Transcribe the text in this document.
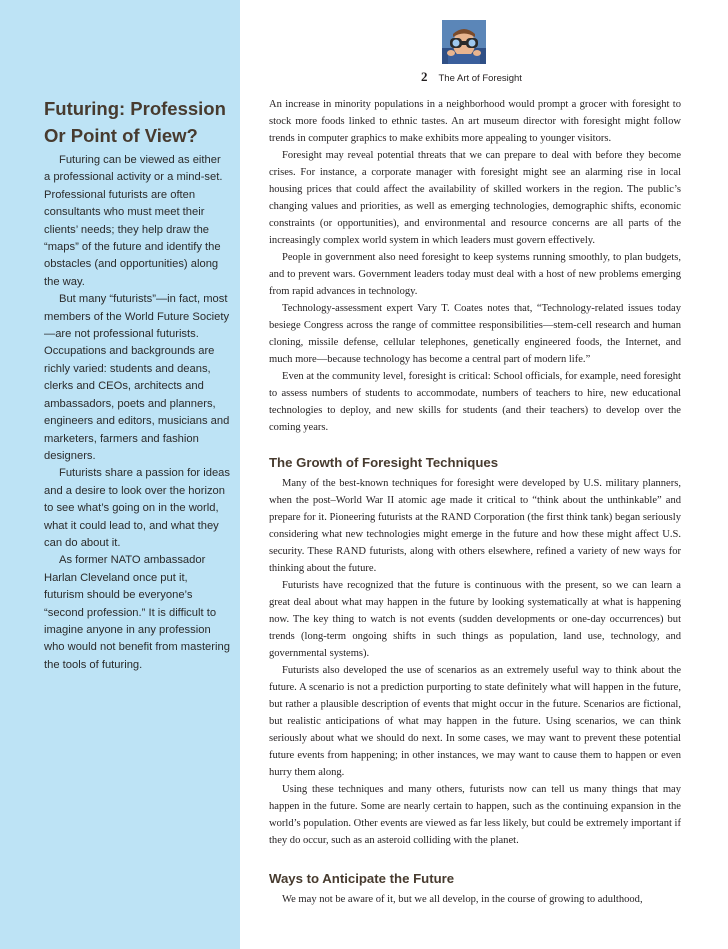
Futuring: Profession
Or Point of View?

Futuring can be viewed as either a professional activity or a mind-set. Professional futurists are often consultants who must meet their clients’ needs; they help draw the “maps” of the future and identify the obstacles (and opportunities) along the way.

But many “futurists”—in fact, most members of the World Future Society —are not professional futurists. Occupations and backgrounds are richly varied: students and deans, clerks and CEOs, architects and ambassadors, poets and planners, engineers and editors, musicians and marketers, farmers and fashion designers.

Futurists share a passion for ideas and a desire to look over the horizon to see what’s going on in the world, what it could lead to, and what they can do about it.

As former NATO ambassador Harlan Cleveland once put it, futurism should be everyone’s “second profession.” It is difficult to imagine anyone in any profession who would not benefit from mastering the tools of futuring.

2 The Art of Foresight

An increase in minority populations in a neighborhood would prompt a grocer with foresight to stock more foods linked to ethnic tastes. An art museum director with foresight might follow trends in computer graphics to make exhibits more appealing to younger visitors.

Foresight may reveal potential threats that we can prepare to deal with before they become crises. For instance, a corporate manager with foresight might see an alarming rise in local housing prices that could affect the availability of skilled workers in the region. The public’s changing values and priorities, as well as emerging technologies, demographic shifts, economic constraints (or opportunities), and environmental and resource concerns are all parts of the increasingly complex world system in which leaders must govern effectively.

People in government also need foresight to keep systems running smoothly, to plan budgets, and to prevent wars. Government leaders today must deal with a host of new problems emerging from rapid advances in technology.

Technology-assessment expert Vary T. Coates notes that, “Technology-related issues today besiege Congress across the range of committee responsibilities—stem-cell research and human cloning, missile defense, cellular telephones, genetically engineered foods, the Internet, and much more—because technology has become a central part of modern life.”

Even at the community level, foresight is critical: School officials, for example, need foresight to assess numbers of students to accommodate, numbers of teachers to hire, new educational technologies to deploy, and new skills for students (and their teachers) to develop over the coming years.

The Growth of Foresight Techniques

Many of the best-known techniques for foresight were developed by U.S. military planners, when the post–World War II atomic age made it critical to “think about the unthinkable” and prepare for it. Pioneering futurists at the RAND Corporation (the first think tank) began seriously considering what new technologies might emerge in the future and how these might affect U.S. security. These RAND futurists, along with others elsewhere, refined a variety of new ways for thinking about the future.

Futurists have recognized that the future is continuous with the present, so we can learn a great deal about what may happen in the future by looking systematically at what is happening now. The key thing to watch is not events (sudden developments or one-day occurrences) but trends (long-term ongoing shifts in such things as population, land use, technology, and governmental systems).

Futurists also developed the use of scenarios as an extremely useful way to think about the future. A scenario is not a prediction purporting to state definitely what will happen in the future, but rather a plausible description of events that might occur in the future. Scenarios are fictional, but realistic anticipations of what may happen in the future. Using scenarios, we can think seriously about what we should do next. In some cases, we may want to prevent these potential future events from happening; in other instances, we may want to cause them to happen or even hurry them along.

Using these techniques and many others, futurists now can tell us many things that may happen in the future. Some are nearly certain to happen, such as the continuing expansion in the world’s population. Other events are viewed as far less likely, but could be extremely important if they do occur, such as an asteroid colliding with the planet.

Ways to Anticipate the Future

We may not be aware of it, but we all develop, in the course of growing to adulthood,
